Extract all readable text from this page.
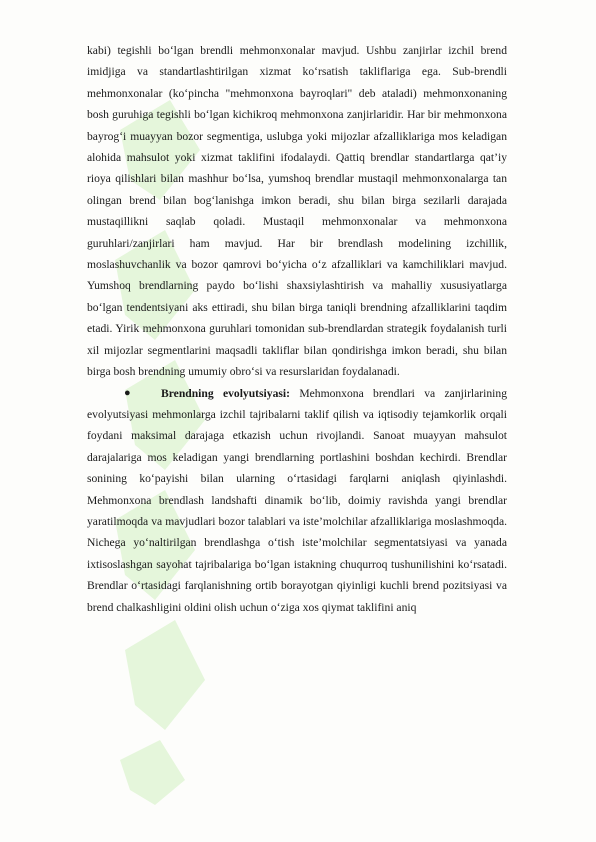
kabi) tegishli bo‘lgan brendli mehmonxonalar mavjud. Ushbu zanjirlar izchil brend imidjiga va standartlashtirilgan xizmat ko‘rsatish takliflariga ega. Sub-brendli mehmonxonalar (ko‘pincha "mehmonxona bayroqlari" deb ataladi) mehmonxonaning bosh guruhiga tegishli bo‘lgan kichikroq mehmonxona zanjirlaridir. Har bir mehmonxona bayrog‘i muayyan bozor segmentiga, uslubga yoki mijozlar afzalliklariga mos keladigan alohida mahsulot yoki xizmat taklifini ifodalaydi. Qattiq brendlar standartlarga qat’iy rioya qilishlari bilan mashhur bo‘lsa, yumshoq brendlar mustaqil mehmonxonalarga tan olingan brend bilan bog‘lanishga imkon beradi, shu bilan birga sezilarli darajada mustaqillikni saqlab qoladi. Mustaqil mehmonxonalar va mehmonxona guruhlari/zanjirlari ham mavjud. Har bir brendlash modelining izchillik, moslashuvchanlik va bozor qamrovi bo‘yicha o‘z afzalliklari va kamchiliklari mavjud. Yumshoq brendlarning paydo bo‘lishi shaxsiylashtirish va mahalliy xususiyatlarga bo‘lgan tendentsiyani aks ettiradi, shu bilan birga taniqli brendning afzalliklarini taqdim etadi. Yirik mehmonxona guruhlari tomonidan sub-brendlardan strategik foydalanish turli xil mijozlar segmentlarini maqsadli takliflar bilan qondirishga imkon beradi, shu bilan birga bosh brendning umumiy obro‘si va resurslaridan foydalanadi.

●	Brendning evolyutsiyasi: Mehmonxona brendlari va zanjirlarining evolyutsiyasi mehmonlarga izchil tajribalarni taklif qilish va iqtisodiy tejamkorlik orqali foydani maksimal darajaga etkazish uchun rivojlandi. Sanoat muayyan mahsulot darajalariga mos keladigan yangi brendlarning portlashini boshdan kechirdi. Brendlar sonining ko‘payishi bilan ularning o‘rtasidagi farqlarni aniqlash qiyinlashdi. Mehmonxona brendlash landshafti dinamik bo‘lib, doimiy ravishda yangi brendlar yaratilmoqda va mavjudlari bozor talablari va iste’molchilar afzalliklariga moslashmoqda. Nichega yo‘naltirilgan brendlashga o‘tish iste’molchilar segmentatsiyasi va yanada ixtisoslashgan sayohat tajribalariga bo‘lgan istakning chuqurroq tushunilishini ko‘rsatadi. Brendlar o‘rtasidagi farqlanishning ortib borayotgan qiyinligi kuchli brend pozitsiyasi va brend chalkashligini oldini olish uchun o‘ziga xos qiymat taklifini aniq
